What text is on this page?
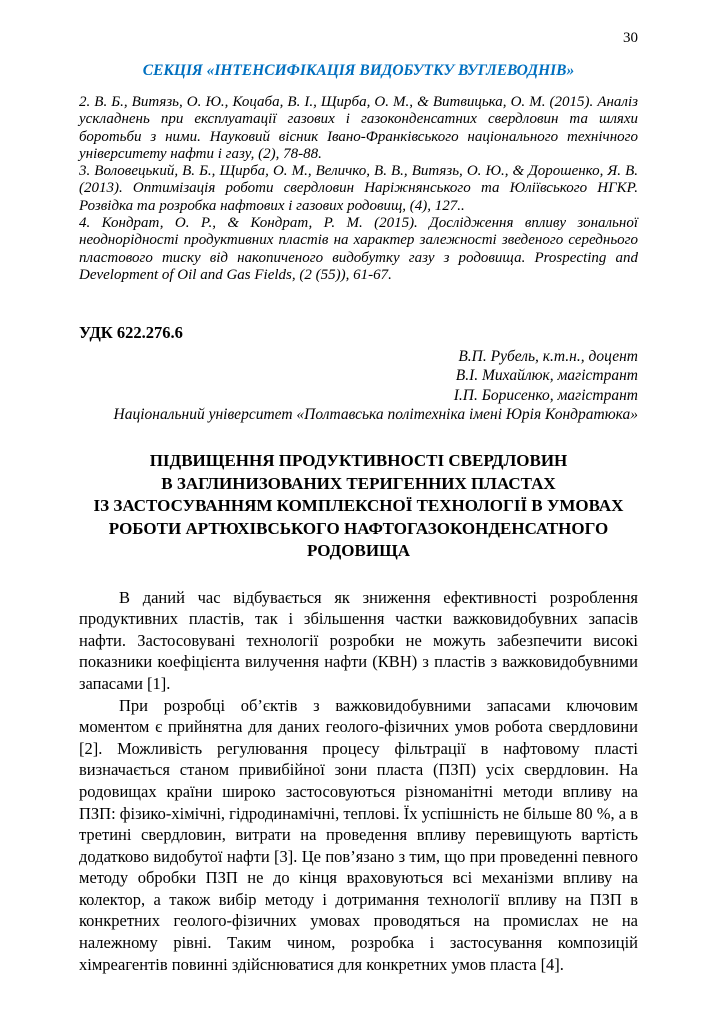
30
СЕКЦІЯ «ІНТЕНСИФІКАЦІЯ ВИДОБУТКУ ВУГЛЕВОДНІВ»

2. В. Б., Витязь, О. Ю., Коцаба, В. І., Щирба, О. М., & Витвицька, О. М. (2015). Аналіз ускладнень при експлуатації газових і газоконденсатних свердловин та шляхи боротьби з ними. Науковий вісник Івано-Франківського національного технічного університету нафти і газу, (2), 78-88.

3. Воловецький, В. Б., Щирба, О. М., Величко, В. В., Витязь, О. Ю., & Дорошенко, Я. В. (2013). Оптимізація роботи свердловин Наріжнянського та Юліївського НГКР. Розвідка та розробка нафтових і газових родовищ, (4), 127..

4. Кондрат, О. Р., & Кондрат, Р. М. (2015). Дослідження впливу зональної неоднорідності продуктивних пластів на характер залежності зведеного середнього пластового тиску від накопиченого видобутку газу з родовища. Prospecting and Development of Oil and Gas Fields, (2 (55)), 61-67.

УДК 622.276.6
В.П. Рубель, к.т.н., доцент
В.І. Михайлюк, магістрант
І.П. Борисенко, магістрант
Національний університет «Полтавська політехніка імені Юрія Кондратюка»
ПІДВИЩЕННЯ ПРОДУКТИВНОСТІ СВЕРДЛОВИН
В ЗАГЛИНИЗОВАНИХ ТЕРИГЕННИХ ПЛАСТАХ
ІЗ ЗАСТОСУВАННЯМ КОМПЛЕКСНОЇ ТЕХНОЛОГІЇ В УМОВАХ
РОБОТИ АРТЮХІВСЬКОГО НАФТОГАЗОКОНДЕНСАТНОГО
РОДОВИЩА

В даний час відбувається як зниження ефективності розроблення продуктивних пластів, так і збільшення частки важковидобувних запасів нафти. Застосовувані технології розробки не можуть забезпечити високі показники коефіцієнта вилучення нафти (КВН) з пластів з важковидобувними запасами [1].

При розробці об’єктів з важковидобувними запасами ключовим моментом є прийнятна для даних геолого-фізичних умов робота свердловини [2]. Можливість регулювання процесу фільтрації в нафтовому пласті визначається станом привибійної зони пласта (ПЗП) усіх свердловин. На родовищах країни широко застосовуються різноманітні методи впливу на ПЗП: фізико-хімічні, гідродинамічні, теплові. Їх успішність не більше 80 %, а в третині свердловин, витрати на проведення впливу перевищують вартість додатково видобутої нафти [3]. Це пов’язано з тим, що при проведенні певного методу обробки ПЗП не до кінця враховуються всі механізми впливу на колектор, а також вибір методу і дотримання технології впливу на ПЗП в конкретних геолого-фізичних умовах проводяться на промислах не на належному рівні. Таким чином, розробка і застосування композицій хімреагентів повинні здійснюватися для конкретних умов пласта [4].
